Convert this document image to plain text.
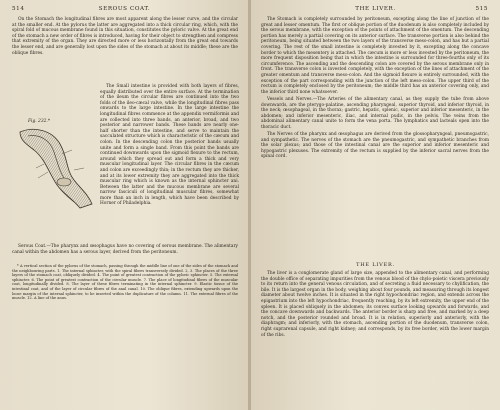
514	SEROUS COAT.

On the Stomach the longitudinal fibres are most apparent along the lesser curve, and the circular at the smaller end. At the pylorus the latter are aggregated into a thick circular ring, which, with the spiral fold of mucous membrane found in this situation, constitutes the pyloric valve. At the great end of the stomach a new order of fibres is introduced, having for their object to strengthen and compress that extremity of the organ. They are directed more or less horizontally from the great end towards the lesser end, and are generally lost upon the sides of the stomach at about its middle; these are the oblique fibres.

The Small intestine is provided with both layers of fibres, equally distributed over the entire surface. At the termination of the ileum the circular fibres are continued into the two folds of the ileo-cæcal valve, while the longitudinal fibres pass onwards to the large intestine. In the large intestine the longitudinal fibres commence at the appendix vermiformis and are collected into three bands, an anterior, broad, and two posterior and narrower bands. These bands are nearly one-half shorter than the intestine, and serve to maintain the sacculated structure which is characteristic of the cæcum and colon. In the descending colon the posterior bands usually unite and form a single band. From this point the bands are continued downwards upon the sigmoid flexure to the rectum, around which they spread out and form a thick and very muscular longitudinal layer. The circular fibres in the cæcum and colon are exceedingly thin; in the rectum they are thicker, and at its lower extremity they are aggregated into the thick muscular ring which is known as the internal sphincter ani. Between the latter and the mucous membrane are several narrow fasciculi of longitudinal muscular fibres, somewhat more than an inch in length, which have been described by Horner of Philadelphia.

Fig. 232.*

Serous Coat.—The pharynx and œsophagus have no covering of serous membrane. The alimentary canal within the abdomen has a serous layer, derived from the peritoneum.

* A vertical section of the pylorus of the stomach, passing through the middle line of one of the sides of the stomach and the neighbouring parts. 1. The internal sphincter, with the spiral fibres transversely divided. 2, 3. The places of the three layers of the stomach coat, obliquely divided. 4. The point of greatest contraction of the pyloric sphincter. 5. The external sphincter. 6. The point of greatest contraction of the circular muscle. 7. The place of longitudinal fibres of the muscular coat, longitudinally divided. 8. The layer of these fibres terminating in the internal sphincter. 9. Elastic tissue of the intestinal coat, and of the layer of circular fibres of the anal canal. 10. The oblique fibres, extending upwards upon the loose margin of the internal sphincter, to be inserted within the duplicature of the column. 11. The external fibres of the muscle. 12. A line of the anus.

THE LIVER.	515

The Stomach is completely surrounded by peritoneum, excepting along the line of junction of the great and lesser omentum. The first or oblique portion of the duodenum is also completely included by the serous membrane, with the exception of the points of attachment of the omentum. The descending portion has merely a partial covering on its anterior surface. The transverse portion is also behind the peritoneum, being situated between the two layers of the transverse meso-colon, and has but a partial covering. The rest of the small intestine is completely invested by it, excepting along the concave border to which the mesentery is attached. The cæcum is more or less invested by the peritoneum, the more frequent disposition being that in which the intestine is surrounded for three-fourths only of its circumference. The ascending and the descending colon are covered by the serous membrane only in front. The transverse colon is invested completely, with the exception of the lines of attachment of the greater omentum and transverse meso-colon. And the sigmoid flexure is entirely surrounded, with the exception of the part corresponding with the junction of the left meso-colon. The upper third of the rectum is completely enclosed by the peritoneum; the middle third has an anterior covering only, and the inferior third none whatsoever.

Vessels and Nerves.—The Arteries of the alimentary canal, as they supply the tube from above downwards, are the pterygo-palatine, ascending pharyngeal, superior thyroid, and inferior thyroid, in the neck; œsophageal, in the thorax; gastric, hepatic, splenic, superior and inferior mesenteric, in the abdomen; and inferior mesenteric, iliac, and internal pudic, in the pelvis. The veins from the abdominal alimentary canal unite to form the vena porta. The lymphatics and lacteals open into the thoracic duct.

The Nerves of the pharynx and œsophagus are derived from the glossopharyngeal, pneumogastric, and sympathetic. The nerves of the stomach are the pneumogastric, and sympathetic branches from the solar plexus; and those of the intestinal canal are the superior and inferior mesenteric and hypogastric plexuses. The extremity of the rectum is supplied by the inferior sacral nerves from the spinal cord.

THE LIVER.

The liver is a conglomerate gland of large size, appended to the alimentary canal, and performing the double office of separating impurities from the venous blood of the chylo-poietic viscera previously to its return into the general venous circulation, and of secreting a fluid necessary to chylification, the bile. It is the largest organ in the body, weighing about four pounds, and measuring through its longest diameter about twelve inches. It is situated in the right hypochondriac region, and extends across the epigastrium into the left hypochondriac, frequently reaching, by its left extremity, the upper end of the spleen. It is placed obliquely in the abdomen; its convex surface looking upwards and forwards, and the concave downwards and backwards. The anterior border is sharp and free, and marked by a deep notch, and the posterior rounded and broad. It is in relation, superiorly and anteriorly, with the diaphragm; and inferiorly, with the stomach, ascending portion of the duodenum, transverse colon, right suprarenal capsule, and right kidney; and corresponds, by its free border, with the lower margin of the ribs.
